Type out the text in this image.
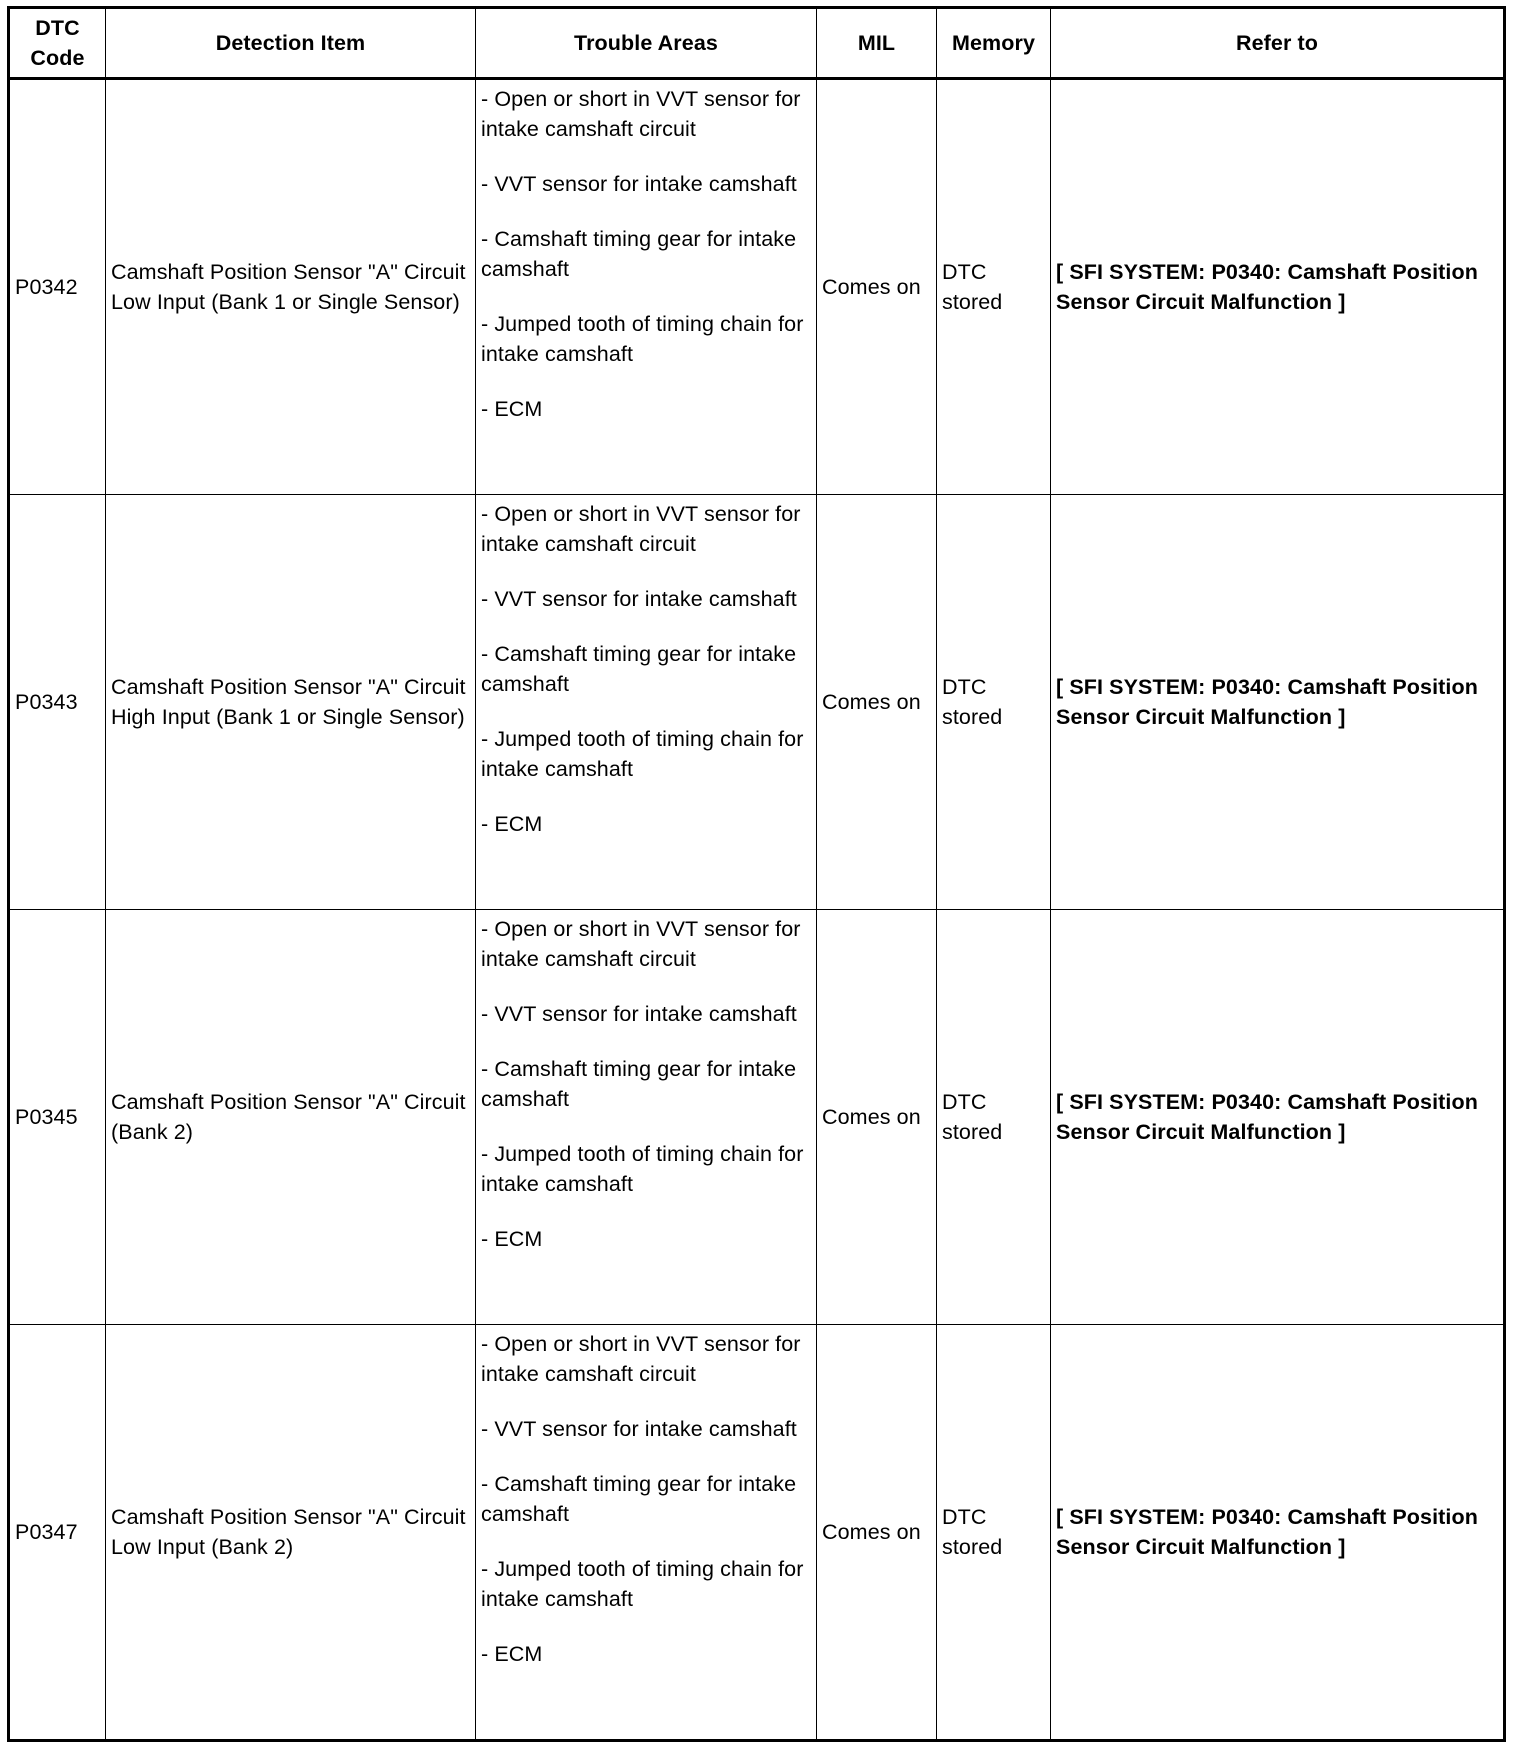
DTC Code	Detection Item	Trouble Areas	MIL	Memory	Refer to
P0342	Camshaft Position Sensor "A" Circuit Low Input (Bank 1 or Single Sensor)	- Open or short in VVT sensor for intake camshaft circuit

- VVT sensor for intake camshaft

- Camshaft timing gear for intake camshaft

- Jumped tooth of timing chain for intake camshaft

- ECM	Comes on	DTC stored	[ SFI SYSTEM: P0340: Camshaft Position Sensor Circuit Malfunction ]
P0343	Camshaft Position Sensor "A" Circuit High Input (Bank 1 or Single Sensor)	- Open or short in VVT sensor for intake camshaft circuit

- VVT sensor for intake camshaft

- Camshaft timing gear for intake camshaft

- Jumped tooth of timing chain for intake camshaft

- ECM	Comes on	DTC stored	[ SFI SYSTEM: P0340: Camshaft Position Sensor Circuit Malfunction ]
P0345	Camshaft Position Sensor "A" Circuit (Bank 2)	- Open or short in VVT sensor for intake camshaft circuit

- VVT sensor for intake camshaft

- Camshaft timing gear for intake camshaft

- Jumped tooth of timing chain for intake camshaft

- ECM	Comes on	DTC stored	[ SFI SYSTEM: P0340: Camshaft Position Sensor Circuit Malfunction ]
P0347	Camshaft Position Sensor "A" Circuit Low Input (Bank 2)	- Open or short in VVT sensor for intake camshaft circuit

- VVT sensor for intake camshaft

- Camshaft timing gear for intake camshaft

- Jumped tooth of timing chain for intake camshaft

- ECM	Comes on	DTC stored	[ SFI SYSTEM: P0340: Camshaft Position Sensor Circuit Malfunction ]
